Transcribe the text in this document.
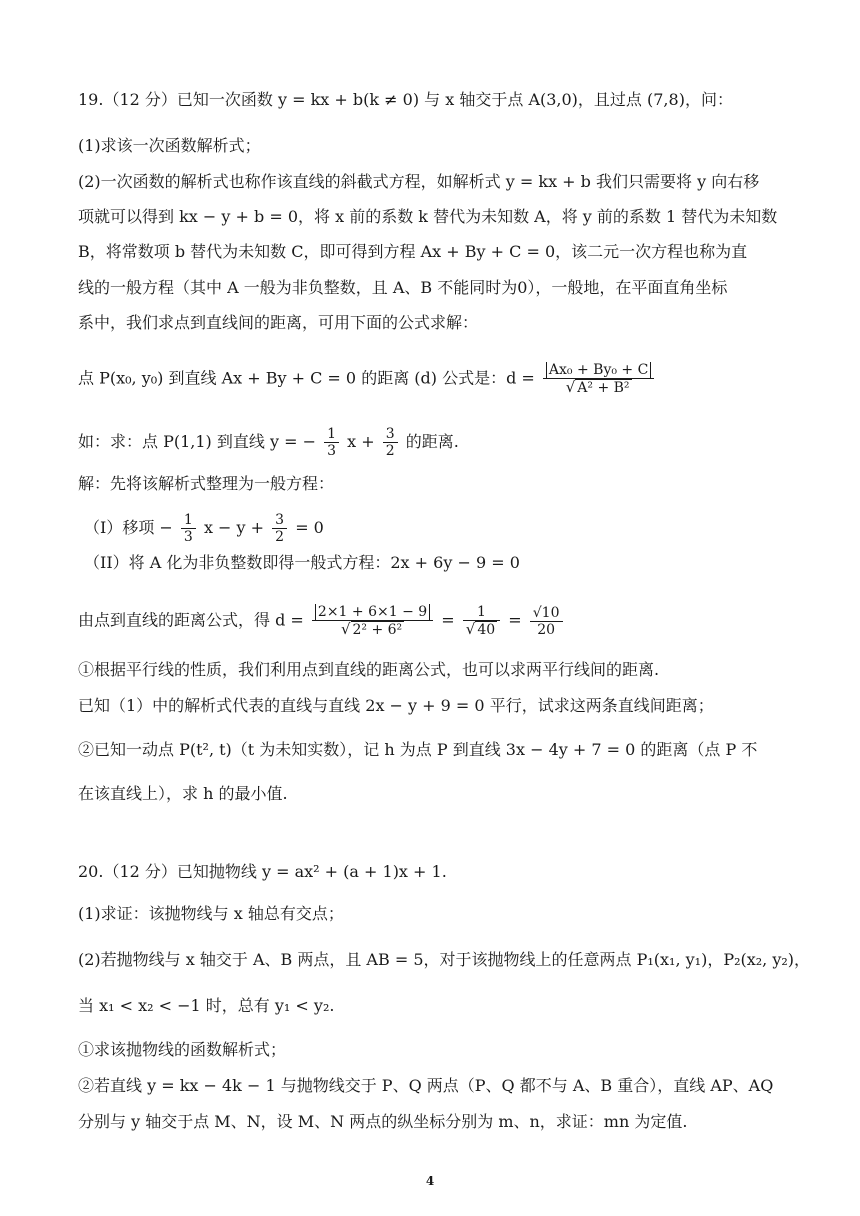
19.（12 分）已知一次函数 y = kx + b(k ≠ 0) 与 x 轴交于点 A(3,0)，且过点 (7,8)，问：
(1)求该一次函数解析式；
(2)一次函数的解析式也称作该直线的斜截式方程，如解析式 y = kx + b 我们只需要将 y 向右移
项就可以得到 kx − y + b = 0，将 x 前的系数 k 替代为未知数 A，将 y 前的系数 1 替代为未知数
B，将常数项 b 替代为未知数 C，即可得到方程 Ax + By + C = 0，该二元一次方程也称为直
线的一般方程（其中 A 一般为非负整数，且 A、B 不能同时为0），一般地，在平面直角坐标
系中，我们求点到直线间的距离，可用下面的公式求解：
点 P(x₀, y₀) 到直线 Ax + By + C = 0 的距离 (d) 公式是：$d = \frac{\text{Ax₀ + By₀ + C}}{\text{√ A² + B²}}$
如：求：点 P(1,1) 到直线 y = − $\frac{1}{3}$ $x + \frac{3}{2}$ 的距离.
解：先将该解析式整理为一般方程：
（I）移项 − $\frac{1}{3}$ $x - y + \frac{3}{2} = 0$
（II）将 A 化为非负整数即得一般式方程：2x + 6y − 9 = 0
由点到直线的距离公式，得 $d = \frac{2\times 1 + 6\times 1 - 9}{\text{√ 2² + 6²}} = \frac{1}{√ 40} = \frac{√10}{20}$
①根据平行线的性质，我们利用点到直线的距离公式，也可以求两平行线间的距离.
已知（1）中的解析式代表的直线与直线 2x − y + 9 = 0 平行，试求这两条直线间距离；
②已知一动点 P(t², t)（t 为未知实数），记 h 为点 P 到直线 3x − 4y + 7 = 0 的距离（点 P 不
在该直线上），求 h 的最小值.
20.（12 分）已知抛物线 y = ax² + (a + 1)x + 1.
(1)求证：该抛物线与 x 轴总有交点；
(2)若抛物线与 x 轴交于 A、B 两点，且 AB = 5，对于该抛物线上的任意两点 P₁(x₁, y₁)，P₂(x₂, y₂)，
当 x₁ < x₂ < −1 时，总有 y₁ < y₂.
①求该抛物线的函数解析式；
②若直线 y = kx − 4k − 1 与抛物线交于 P、Q 两点（P、Q 都不与 A、B 重合），直线 AP、AQ
分别与 y 轴交于点 M、N，设 M、N 两点的纵坐标分别为 m、n，求证：mn 为定值.
4
